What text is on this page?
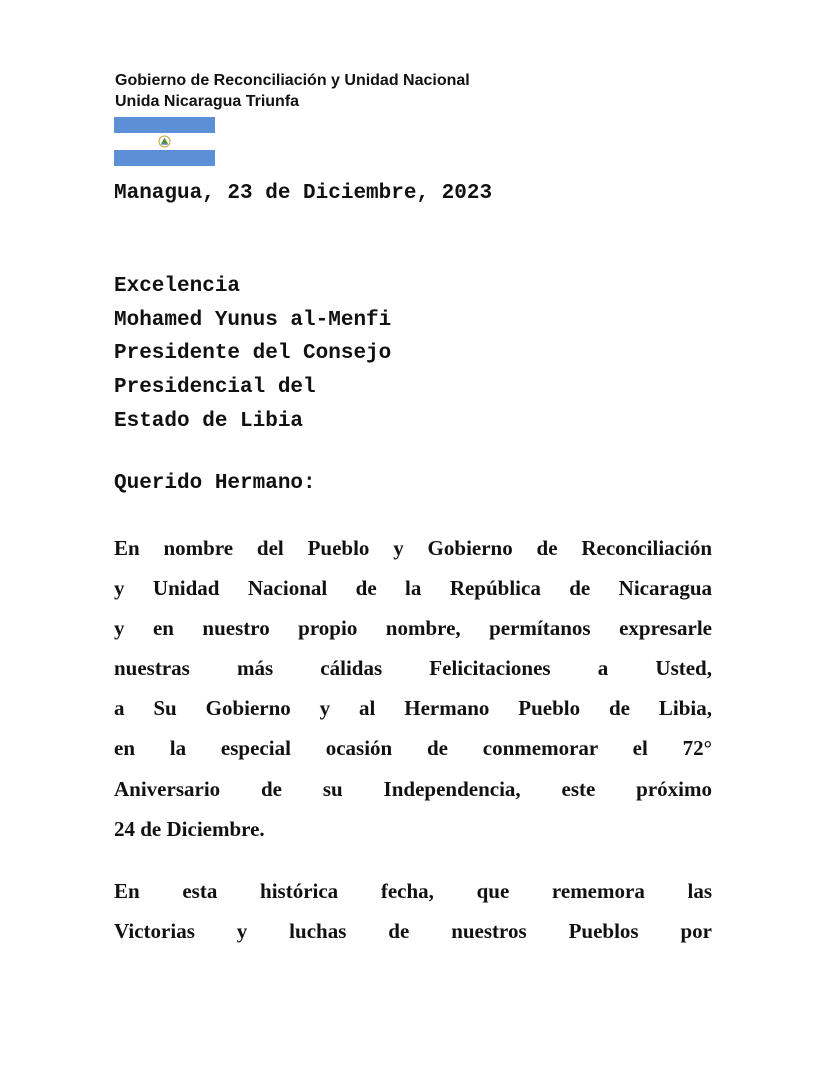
Gobierno de Reconciliación y Unidad Nacional
Unida Nicaragua Triunfa
Managua, 23 de Diciembre, 2023
Excelencia
Mohamed Yunus al-Menfi
Presidente del Consejo
Presidencial del
Estado de Libia
Querido Hermano:
En nombre del Pueblo y Gobierno de Reconciliación
y Unidad Nacional de la República de Nicaragua
y en nuestro propio nombre, permítanos expresarle
nuestras más cálidas Felicitaciones a Usted,
a Su Gobierno y al Hermano Pueblo de Libia,
en la especial ocasión de conmemorar el 72°
Aniversario de su Independencia, este próximo
24 de Diciembre.
En esta histórica fecha, que rememora las
Victorias y luchas de nuestros Pueblos por
